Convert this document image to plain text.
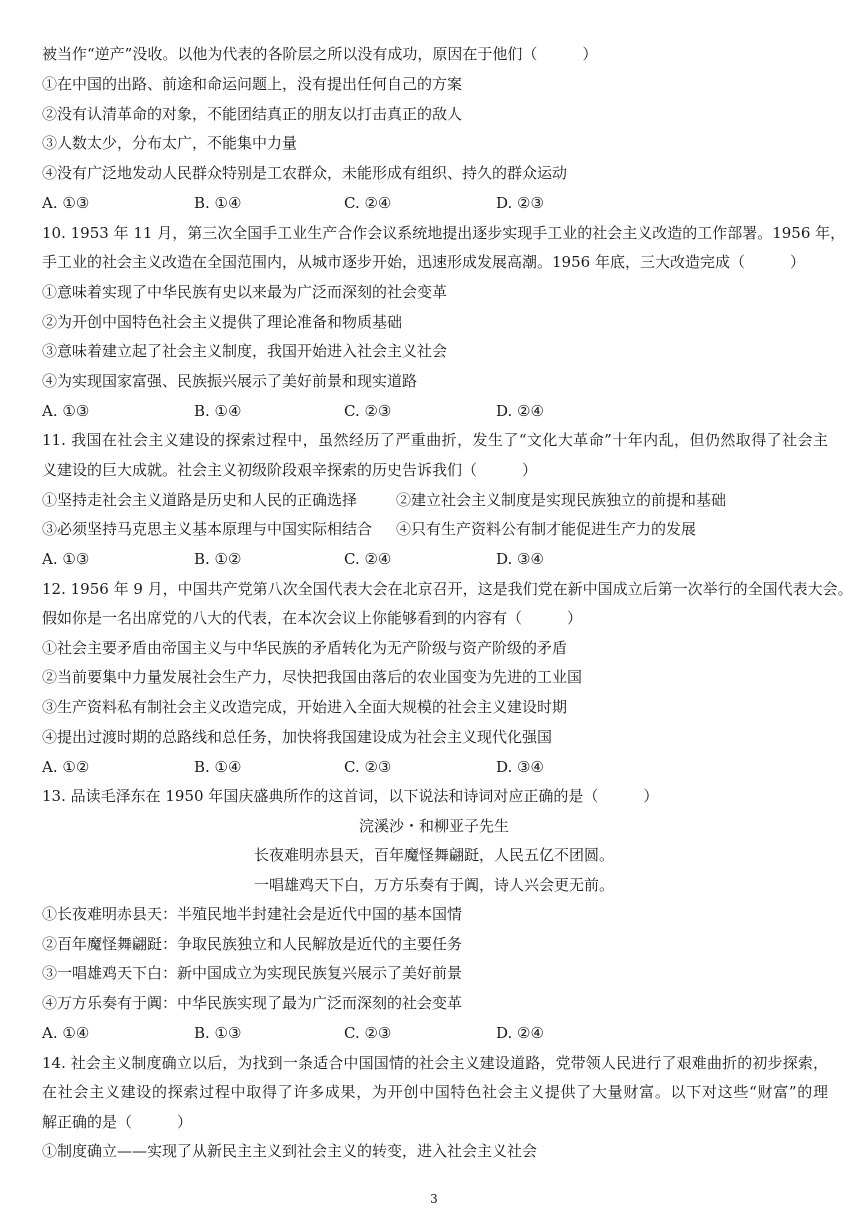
被当作“逆产”没收。以他为代表的各阶层之所以没有成功，原因在于他们（　　　）
①在中国的出路、前途和命运问题上，没有提出任何自己的方案
②没有认清革命的对象，不能团结真正的朋友以打击真正的敌人
③人数太少，分布太广，不能集中力量
④没有广泛地发动人民群众特别是工农群众，未能形成有组织、持久的群众运动
A. ①③	B. ①④	C. ②④	D. ②③
10. 1953 年 11 月，第三次全国手工业生产合作会议系统地提出逐步实现手工业的社会主义改造的工作部署。1956 年，
手工业的社会主义改造在全国范围内，从城市逐步开始，迅速形成发展高潮。1956 年底，三大改造完成（　　　）
①意味着实现了中华民族有史以来最为广泛而深刻的社会变革
②为开创中国特色社会主义提供了理论准备和物质基础
③意味着建立起了社会主义制度，我国开始进入社会主义社会
④为实现国家富强、民族振兴展示了美好前景和现实道路
A. ①③	B. ①④	C. ②③	D. ②④
11. 我国在社会主义建设的探索过程中，虽然经历了严重曲折，发生了“文化大革命”十年内乱，但仍然取得了社会主
义建设的巨大成就。社会主义初级阶段艰辛探索的历史告诉我们（　　　）
①坚持走社会主义道路是历史和人民的正确选择	②建立社会主义制度是实现民族独立的前提和基础
③必须坚持马克思主义基本原理与中国实际相结合 ④只有生产资料公有制才能促进生产力的发展
A. ①③	B. ①②	C. ②④	D. ③④
12. 1956 年 9 月，中国共产党第八次全国代表大会在北京召开，这是我们党在新中国成立后第一次举行的全国代表大会。
假如你是一名出席党的八大的代表，在本次会议上你能够看到的内容有（　　　）
①社会主要矛盾由帝国主义与中华民族的矛盾转化为无产阶级与资产阶级的矛盾
②当前要集中力量发展社会生产力，尽快把我国由落后的农业国变为先进的工业国
③生产资料私有制社会主义改造完成，开始进入全面大规模的社会主义建设时期
④提出过渡时期的总路线和总任务，加快将我国建设成为社会主义现代化强国
A. ①②	B. ①④	C. ②③	D. ③④
13. 品读毛泽东在 1950 年国庆盛典所作的这首词，以下说法和诗词对应正确的是（　　　）
浣溪沙・和柳亚子先生
长夜难明赤县天，百年魔怪舞翩跹，人民五亿不团圆。
一唱雄鸡天下白，万方乐奏有于阗，诗人兴会更无前。
①长夜难明赤县天：半殖民地半封建社会是近代中国的基本国情
②百年魔怪舞翩跹：争取民族独立和人民解放是近代的主要任务
③一唱雄鸡天下白：新中国成立为实现民族复兴展示了美好前景
④万方乐奏有于阗：中华民族实现了最为广泛而深刻的社会变革
A. ①④	B. ①③	C. ②③	D. ②④
14. 社会主义制度确立以后，为找到一条适合中国国情的社会主义建设道路，党带领人民进行了艰难曲折的初步探索，
在社会主义建设的探索过程中取得了许多成果，为开创中国特色社会主义提供了大量财富。以下对这些“财富”的理
解正确的是（　　　）
①制度确立——实现了从新民主主义到社会主义的转变，进入社会主义社会
3
